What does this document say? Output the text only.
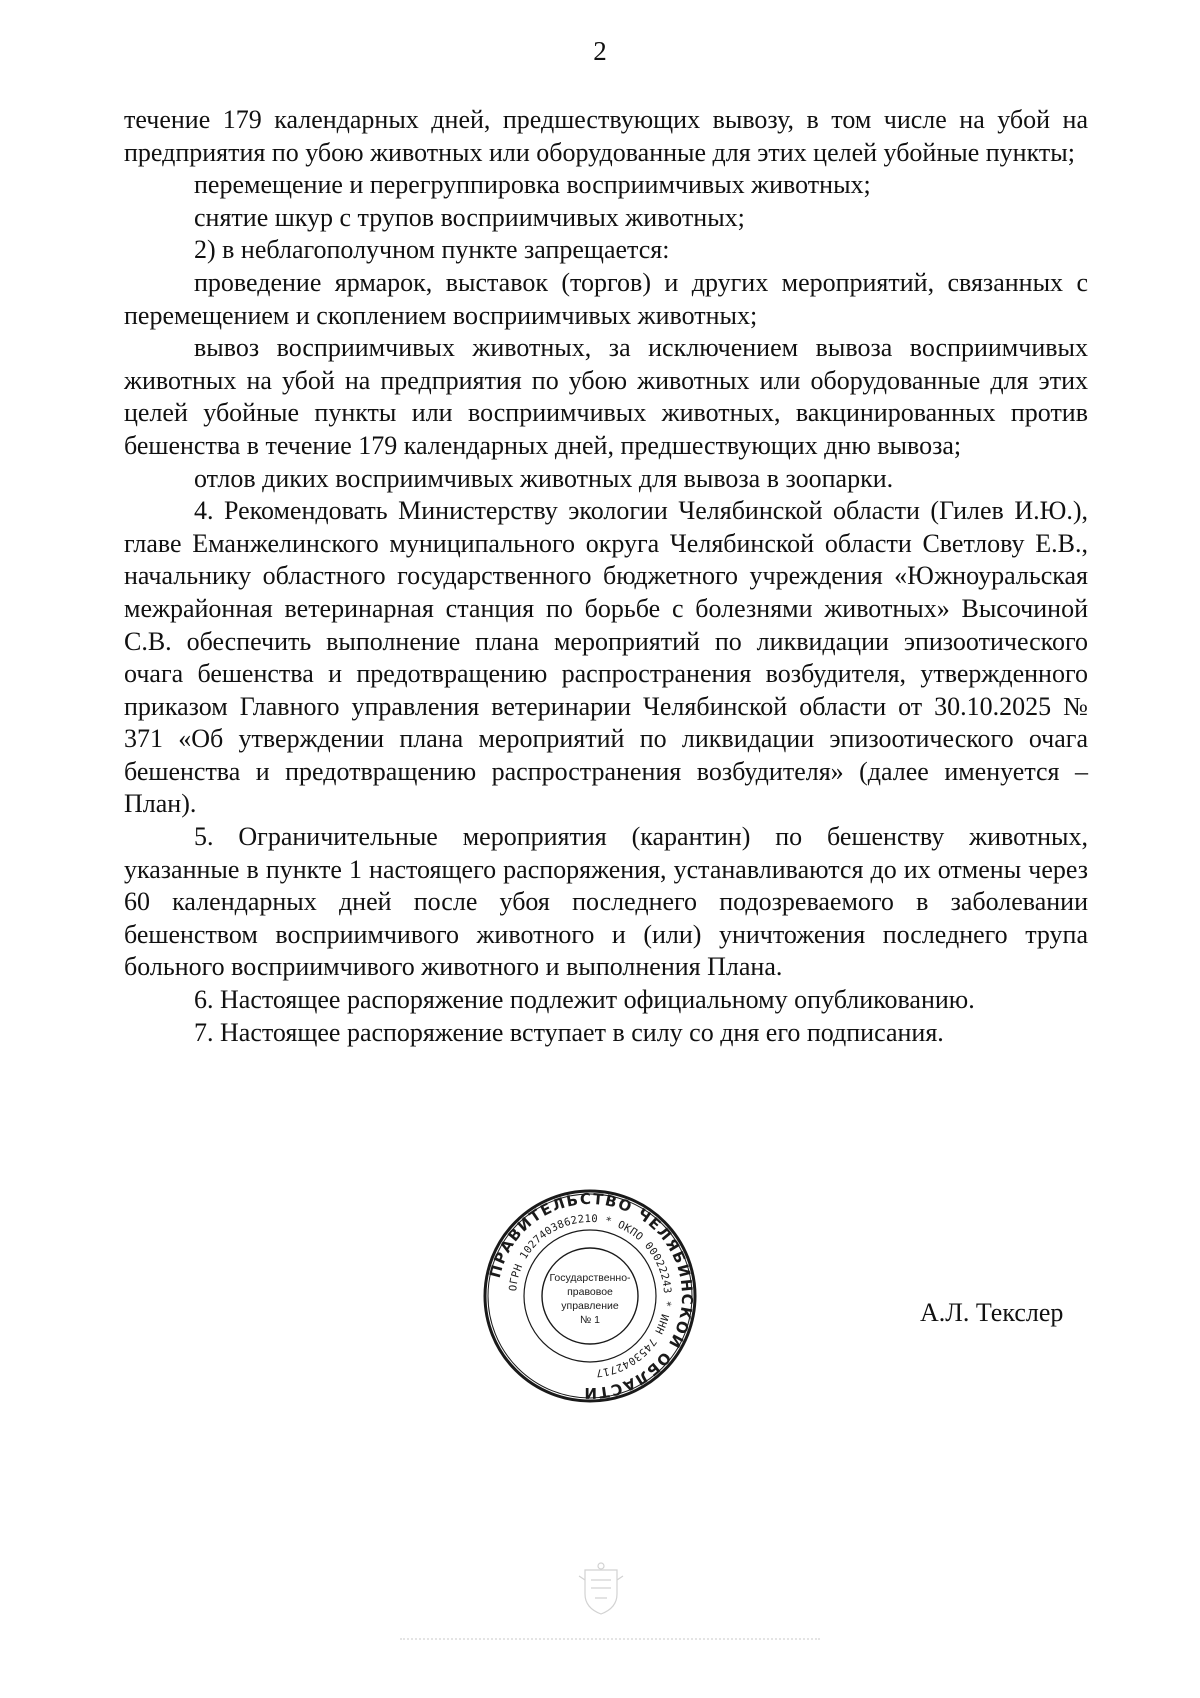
2

течение 179 календарных дней, предшествующих вывозу, в том числе на убой на предприятия по убою животных или оборудованные для этих целей убойные пункты;

перемещение и перегруппировка восприимчивых животных;

снятие шкур с трупов восприимчивых животных;

2) в неблагополучном пункте запрещается:

проведение ярмарок, выставок (торгов) и других мероприятий, связанных с перемещением и скоплением восприимчивых животных;

вывоз восприимчивых животных, за исключением вывоза восприимчивых животных на убой на предприятия по убою животных или оборудованные для этих целей убойные пункты или восприимчивых животных, вакцинированных против бешенства в течение 179 календарных дней, предшествующих дню вывоза;

отлов диких восприимчивых животных для вывоза в зоопарки.

4. Рекомендовать Министерству экологии Челябинской области (Гилев И.Ю.), главе Еманжелинского муниципального округа Челябинской области Светлову Е.В., начальнику областного государственного бюджетного учреждения «Южноуральская межрайонная ветеринарная станция по борьбе с болезнями животных» Высочиной С.В. обеспечить выполнение плана мероприятий по ликвидации эпизоотического очага бешенства и предотвращению распространения возбудителя, утвержденного приказом Главного управления ветеринарии Челябинской области от 30.10.2025 № 371 «Об утверждении плана мероприятий по ликвидации эпизоотического очага бешенства и предотвращению распространения возбудителя» (далее именуется – План).

5. Ограничительные мероприятия (карантин) по бешенству животных, указанные в пункте 1 настоящего распоряжения, устанавливаются до их отмены через 60 календарных дней после убоя последнего подозреваемого в заболевании бешенством восприимчивого животного и (или) уничтожения последнего трупа больного восприимчивого животного и выполнения Плана.

6. Настоящее распоряжение подлежит официальному опубликованию.

7. Настоящее распоряжение вступает в силу со дня его подписания.

ПРАВИТЕЛЬСТВО ЧЕЛЯБИНСКОЙ ОБЛАСТИ
ОГРН 1027403862210 * ОКПО 00022243 * ИНН 7453042717
Государственно-
правовое
управление
№ 1	А.Л. Текслер
